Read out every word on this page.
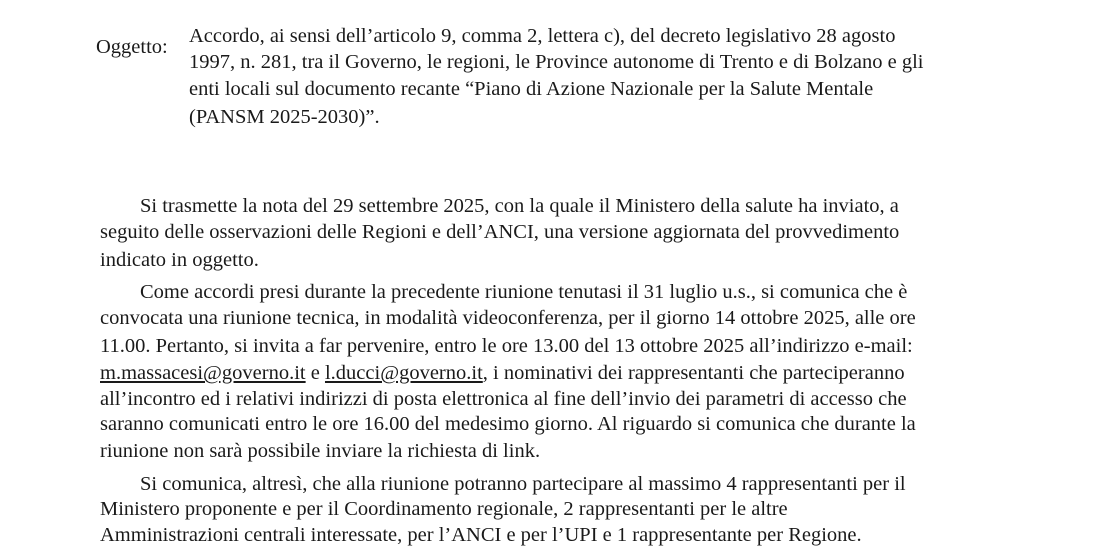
Oggetto: Accordo, ai sensi dell’articolo 9, comma 2, lettera c), del decreto legislativo 28 agosto
1997, n. 281, tra il Governo, le regioni, le Province autonome di Trento e di Bolzano e gli
enti locali sul documento recante “Piano di Azione Nazionale per la Salute Mentale
(PANSM 2025-2030)”.
Si trasmette la nota del 29 settembre 2025, con la quale il Ministero della salute ha inviato, a
seguito delle osservazioni delle Regioni e dell’ANCI, una versione aggiornata del provvedimento
indicato in oggetto.
Come accordi presi durante la precedente riunione tenutasi il 31 luglio u.s., si comunica che è
convocata una riunione tecnica, in modalità videoconferenza, per il giorno 14 ottobre 2025, alle ore
11.00. Pertanto, si invita a far pervenire, entro le ore 13.00 del 13 ottobre 2025 all’indirizzo e-mail:
m.massacesi@governo.it e l.ducci@governo.it, i nominativi dei rappresentanti che parteciperanno
all’incontro ed i relativi indirizzi di posta elettronica al fine dell’invio dei parametri di accesso che
saranno comunicati entro le ore 16.00 del medesimo giorno. Al riguardo si comunica che durante la
riunione non sarà possibile inviare la richiesta di link.
Si comunica, altresì, che alla riunione potranno partecipare al massimo 4 rappresentanti per il
Ministero proponente e per il Coordinamento regionale, 2 rappresentanti per le altre
Amministrazioni centrali interessate, per l’ANCI e per l’UPI e 1 rappresentante per Regione.
